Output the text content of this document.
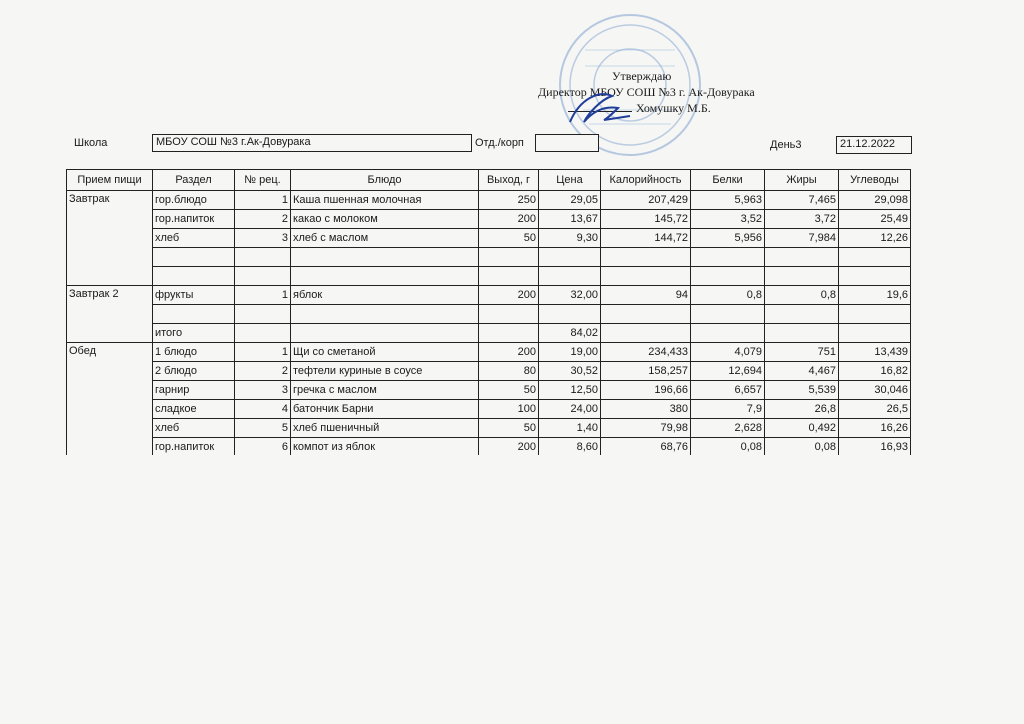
Утверждаю
Директор МБОУ СОШ №3 г. Ак-Довурака
Хомушку М.Б.
Школа	МБОУ СОШ №3 г.Ак-Довурака	Отд./корп	День3	21.12.2022
Прием пищи	Раздел	№ рец.	Блюдо	Выход, г	Цена	Калорийность	Белки	Жиры	Углеводы
Завтрак	гор.блюдо	1	Каша пшенная молочная	250	29,05	207,429	5,963	7,465	29,098
	гор.напиток	2	какао с молоком	200	13,67	145,72	3,52	3,72	25,49
	хлеб	3	хлеб с маслом	50	9,30	144,72	5,956	7,984	12,26

Завтрак 2	фрукты	1	яблок	200	32,00	94	0,8	0,8	19,6

	итого				84,02				
Обед	1 блюдо	1	Щи со сметаной	200	19,00	234,433	4,079	751	13,439
	2 блюдо	2	тефтели куриные в соусе	80	30,52	158,257	12,694	4,467	16,82
	гарнир	3	гречка с маслом	50	12,50	196,66	6,657	5,539	30,046
	сладкое	4	батончик Барни	100	24,00	380	7,9	26,8	26,5
	хлеб	5	хлеб пшеничный	50	1,40	79,98	2,628	0,492	16,26
	гор.напиток	6	компот из яблок	200	8,60	68,76	0,08	0,08	16,93
